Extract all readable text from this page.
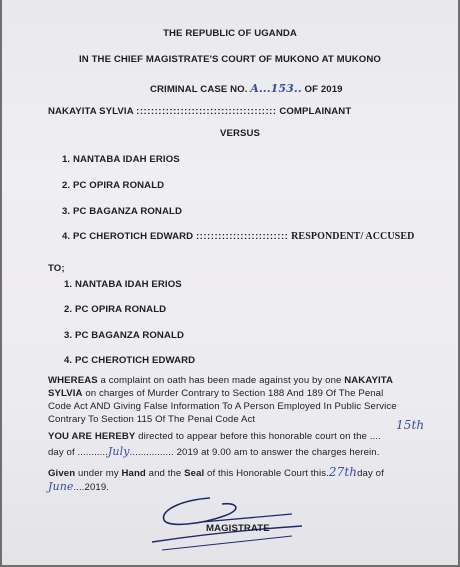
THE REPUBLIC OF UGANDA
IN THE CHIEF MAGISTRATE'S COURT OF MUKONO AT MUKONO
CRIMINAL CASE NO. A...153.. OF 2019
NAKAYITA SYLVIA :::::::::::::::::::::::::::::::::::::: COMPLAINANT
VERSUS
1. NANTABA IDAH ERIOS
2. PC OPIRA RONALD
3. PC BAGANZA RONALD
4. PC CHEROTICH EDWARD ::::::::::::::::::::::::: RESPONDENT/ ACCUSED
TO;
1. NANTABA IDAH ERIOS
2. PC OPIRA RONALD
3. PC BAGANZA RONALD
4. PC CHEROTICH EDWARD
WHEREAS a complaint on oath has been made against you by one NAKAYITA
SYLVIA on charges of Murder Contrary to Section 188 And 189 Of The Penal
Code Act AND Giving False Information To A Person Employed In Public Service
Contrary To Section 115 Of The Penal Code Act
YOU ARE HEREBY directed to appear before this honorable court on the ....
15th
day of ...........July................ 2019 at 9.00 am to answer the charges herein.
Given under my Hand and the Seal of this Honorable Court this.27thday of
June....2019.
MAGISTRATE
